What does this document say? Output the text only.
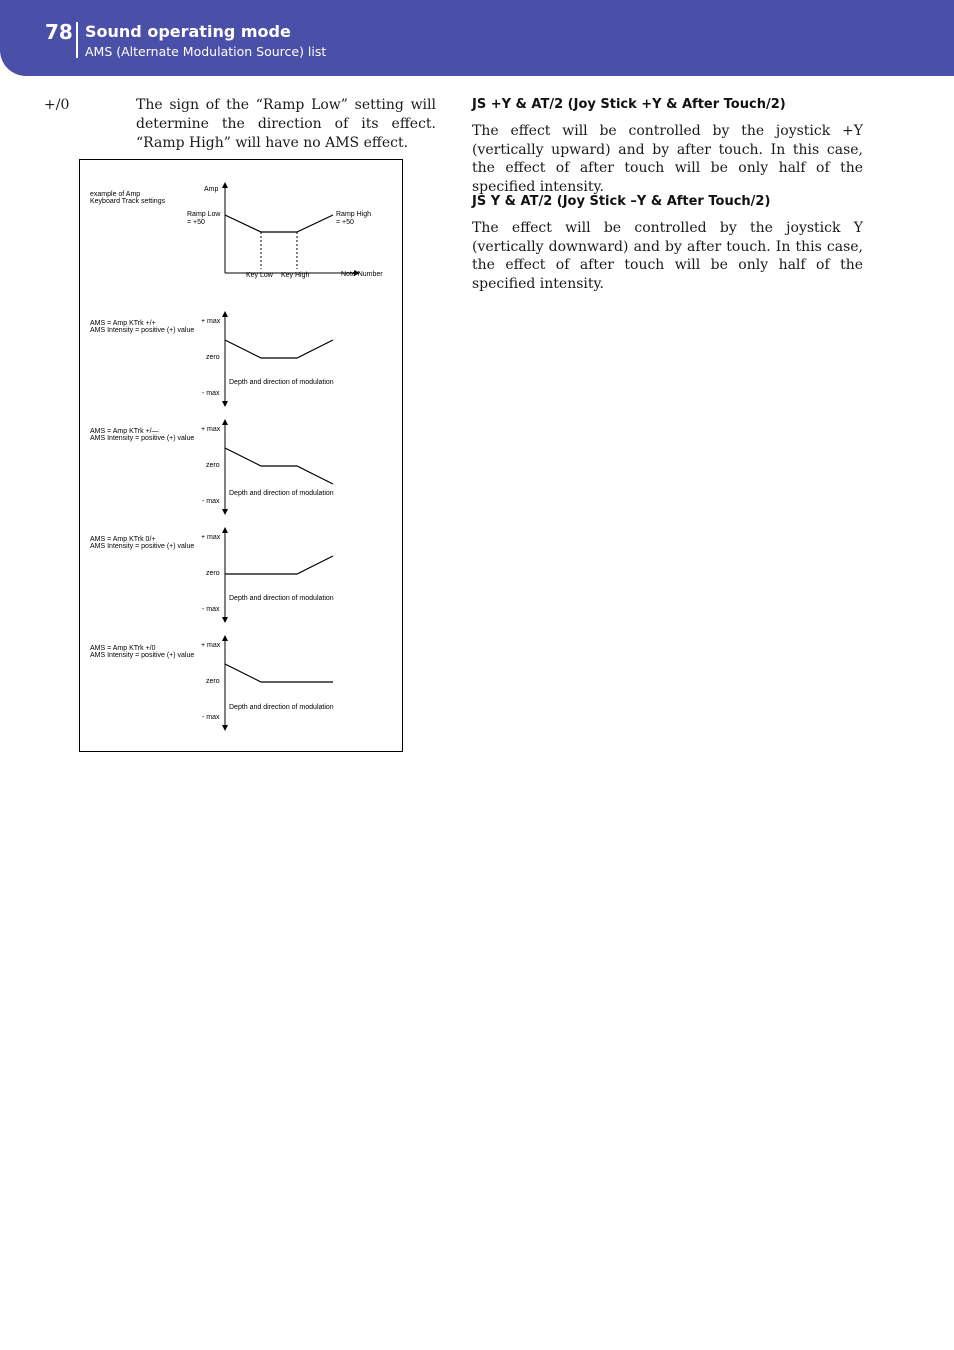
78 Sound operating mode
AMS (Alternate Modulation Source) list
+/0	The sign of the “Ramp Low” setting will determine the direction of its effect. “Ramp High” will have no AMS effect.
example of Amp
Keyboard Track settings
Amp
Ramp Low
= +50
Ramp High
= +50
Key Low Key High	Note Number
AMS = Amp KTrk +/+
AMS Intensity = positive (+) value
+ max
zero
- max
Depth and direction of modulation
AMS = Amp KTrk +/—
AMS Intensity = positive (+) value
+ max
zero
- max
Depth and direction of modulation
AMS = Amp KTrk 0/+
AMS Intensity = positive (+) value
+ max
zero
- max
Depth and direction of modulation
AMS = Amp KTrk +/0
AMS Intensity = positive (+) value
+ max
zero
- max
Depth and direction of modulation
JS +Y & AT/2 (Joy Stick +Y & After Touch/2)
The effect will be controlled by the joystick +Y (vertically upward) and by after touch. In this case, the effect of after touch will be only half of the specified intensity.
JS Y & AT/2 (Joy Stick –Y & After Touch/2)
The effect will be controlled by the joystick Y (vertically downward) and by after touch. In this case, the effect of after touch will be only half of the specified intensity.
